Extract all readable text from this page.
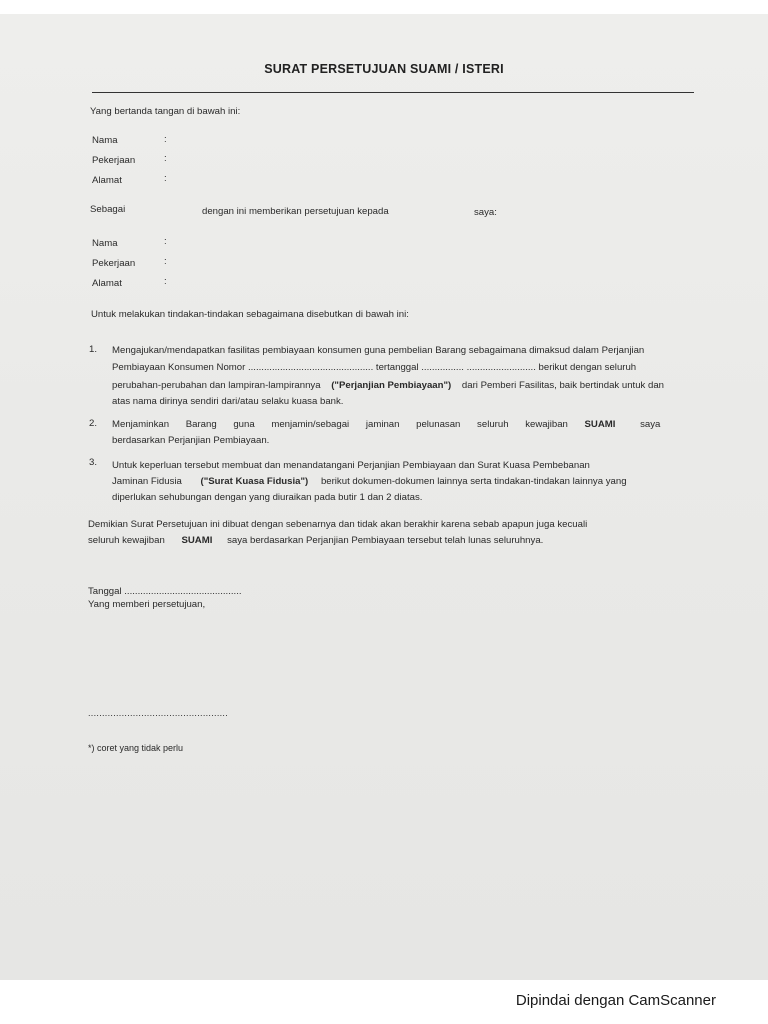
SURAT PERSETUJUAN SUAMI / ISTERI
Yang bertanda tangan di bawah ini:
Nama	:
Pekerjaan	:
Alamat	:
Sebagai	dengan ini memberikan persetujuan kepada	saya:
Nama	:
Pekerjaan	:
Alamat	:
Untuk melakukan tindakan-tindakan sebagaimana disebutkan di bawah ini:
1. Mengajukan/mendapatkan fasilitas pembiayaan konsumen guna pembelian Barang sebagaimana dimaksud dalam Perjanjian
Pembiayaan Konsumen Nomor ............................................... tertanggal ................ .......................... berikut dengan seluruh
perubahan-perubahan dan lampiran-lampirannya ("Perjanjian Pembiayaan") dari Pemberi Fasilitas, baik bertindak untuk dan
atas nama dirinya sendiri dari/atau selaku kuasa bank.
2. Menjaminkan Barang guna menjamin/sebagai jaminan pelunasan seluruh kewajiban SUAMI	saya
berdasarkan Perjanjian Pembiayaan.
3. Untuk keperluan tersebut membuat dan menandatangani Perjanjian Pembiayaan dan Surat Kuasa Pembebanan
Jaminan Fidusia ("Surat Kuasa Fidusia") berikut dokumen-dokumen lainnya serta tindakan-tindakan lainnya yang
diperlukan sehubungan dengan yang diuraikan pada butir 1 dan 2 diatas.
Demikian Surat Persetujuan ini dibuat dengan sebenarnya dan tidak akan berakhir karena sebab apapun juga kecuali
seluruh kewajiban SUAMI saya berdasarkan Perjanjian Pembiayaan tersebut telah lunas seluruhnya.
Tanggal ............................................
Yang memberi persetujuan,
..................................................
*) coret yang tidak perlu
Dipindai dengan CamScanner
